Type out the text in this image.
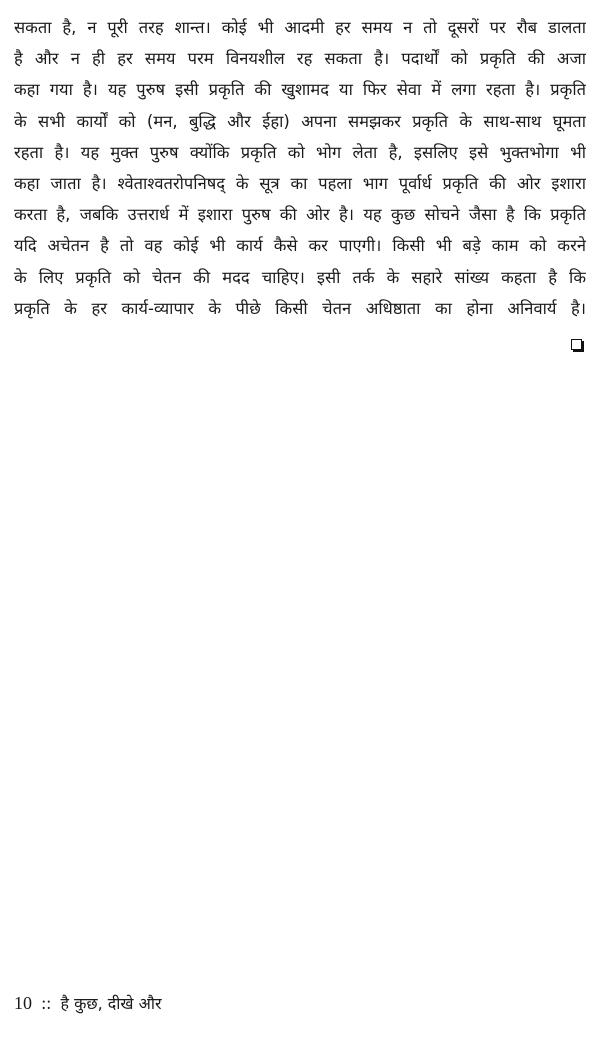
सकता है, न पूरी तरह शान्त। कोई भी आदमी हर समय न तो दूसरों पर रौब डालता
है और न ही हर समय परम विनयशील रह सकता है। पदार्थों को प्रकृति की अजा
कहा गया है। यह पुरुष इसी प्रकृति की खुशामद या फिर सेवा में लगा रहता है। प्रकृति
के सभी कार्यों को (मन, बुद्धि और ईहा) अपना समझकर प्रकृति के साथ-साथ घूमता
रहता है। यह मुक्त पुरुष क्योंकि प्रकृति को भोग लेता है, इसलिए इसे भुक्तभोगा भी
कहा जाता है। श्वेताश्वतरोपनिषद् के सूत्र का पहला भाग पूर्वार्ध प्रकृति की ओर इशारा
करता है, जबकि उत्तरार्ध में इशारा पुरुष की ओर है। यह कुछ सोचने जैसा है कि प्रकृति
यदि अचेतन है तो वह कोई भी कार्य कैसे कर पाएगी। किसी भी बड़े काम को करने
के लिए प्रकृति को चेतन की मदद चाहिए। इसी तर्क के सहारे सांख्य कहता है कि
प्रकृति के हर कार्य-व्यापार के पीछे किसी चेतन अधिष्ठाता का होना अनिवार्य है।
10 :: है कुछ, दीखे और
